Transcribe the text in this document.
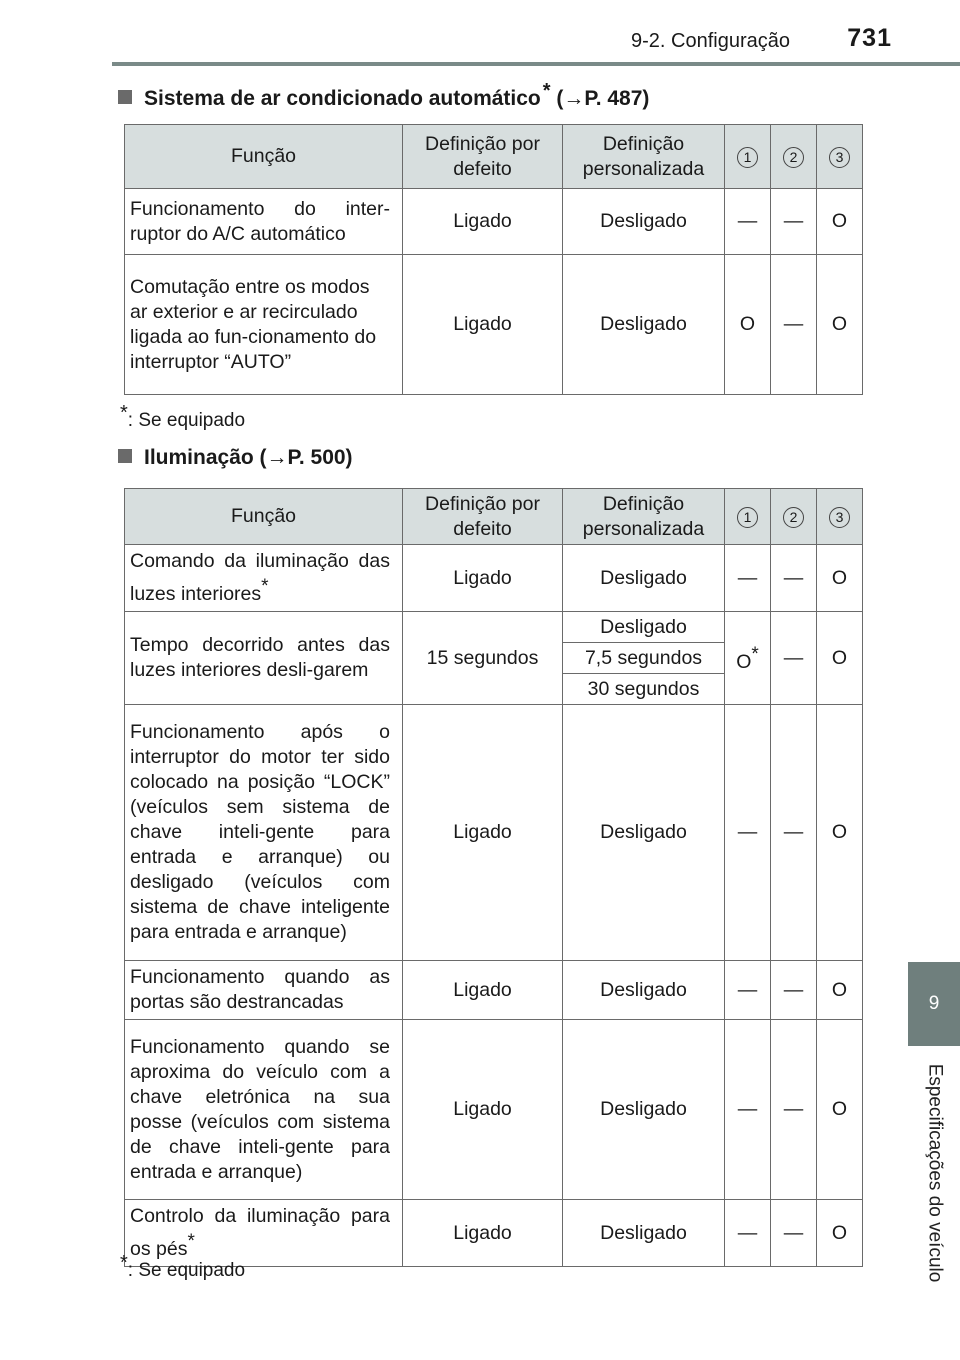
9-2. Configuração 731
9
Especificações do veículo
Sistema de ar condicionado automático * (→P. 487)
Função	Definição por defeito	Definição personalizada	1	2	3
Funcionamento do inter-ruptor do A/C automático	Ligado	Desligado	—	—	O
Comutação entre os modos ar exterior e ar recirculado ligada ao fun-cionamento do interruptor “AUTO”	Ligado	Desligado	O	—	O
*: Se equipado
Iluminação (→P. 500)
Função	Definição por defeito	Definição personalizada	1	2	3
Comando da iluminação das luzes interiores*	Ligado	Desligado	—	—	O
Tempo decorrido antes das luzes interiores desli-garem	15 segundos	Desligado	O*	—	O
		7,5 segundos			
		30 segundos			
Funcionamento após o interruptor do motor ter sido colocado na posição “LOCK” (veículos sem sistema de chave inteli-gente para entrada e arranque) ou desligado (veículos com sistema de chave inteligente para entrada e arranque)	Ligado	Desligado	—	—	O
Funcionamento quando as portas são destrancadas	Ligado	Desligado	—	—	O
Funcionamento quando se aproxima do veículo com a chave eletrónica na sua posse (veículos com sistema de chave inteli-gente para entrada e arranque)	Ligado	Desligado	—	—	O
Controlo da iluminação para os pés*	Ligado	Desligado	—	—	O
*: Se equipado
